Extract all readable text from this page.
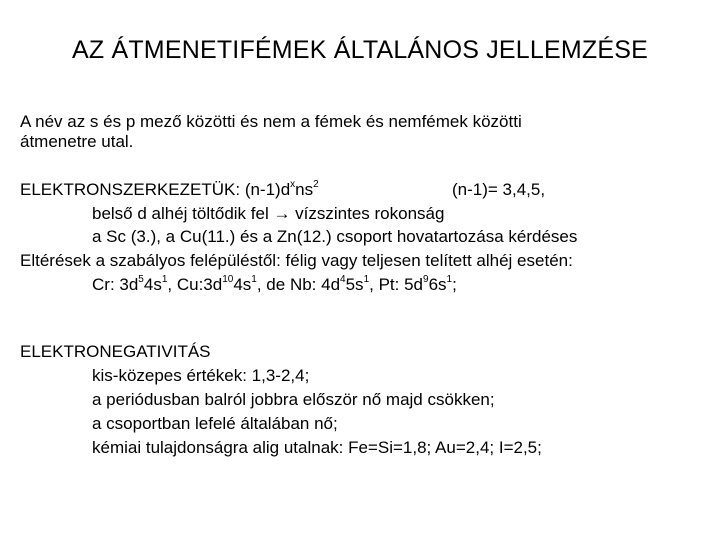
AZ ÁTMENETIFÉMEK ÁLTALÁNOS JELLEMZÉSE
A név az s és p mező közötti és nem a fémek és nemfémek közötti
átmenetre utal.
ELEKTRONSZERKEZETÜK: $(n-1)d^xns^2$	(n-1)= 3,4,5,
belső d alhéj töltődik fel → vízszintes rokonság
a Sc (3.), a Cu(11.) és a Zn(12.) csoport hovatartozása kérdéses
Eltérések a szabályos felépüléstől: félig vagy teljesen telített alhéj esetén:
Cr: $3d^54s^1$, $Cu:3d^{10}4s^1$, de Nb: $4d^45s^1$, Pt: $5d^96s^1$;
ELEKTRONEGATIVITÁS
kis-közepes értékek: 1,3-2,4;
a periódusban balról jobbra először nő majd csökken;
a csoportban lefelé általában nő;
kémiai tulajdonságra alig utalnak: Fe=Si=1,8; Au=2,4; I=2,5;
